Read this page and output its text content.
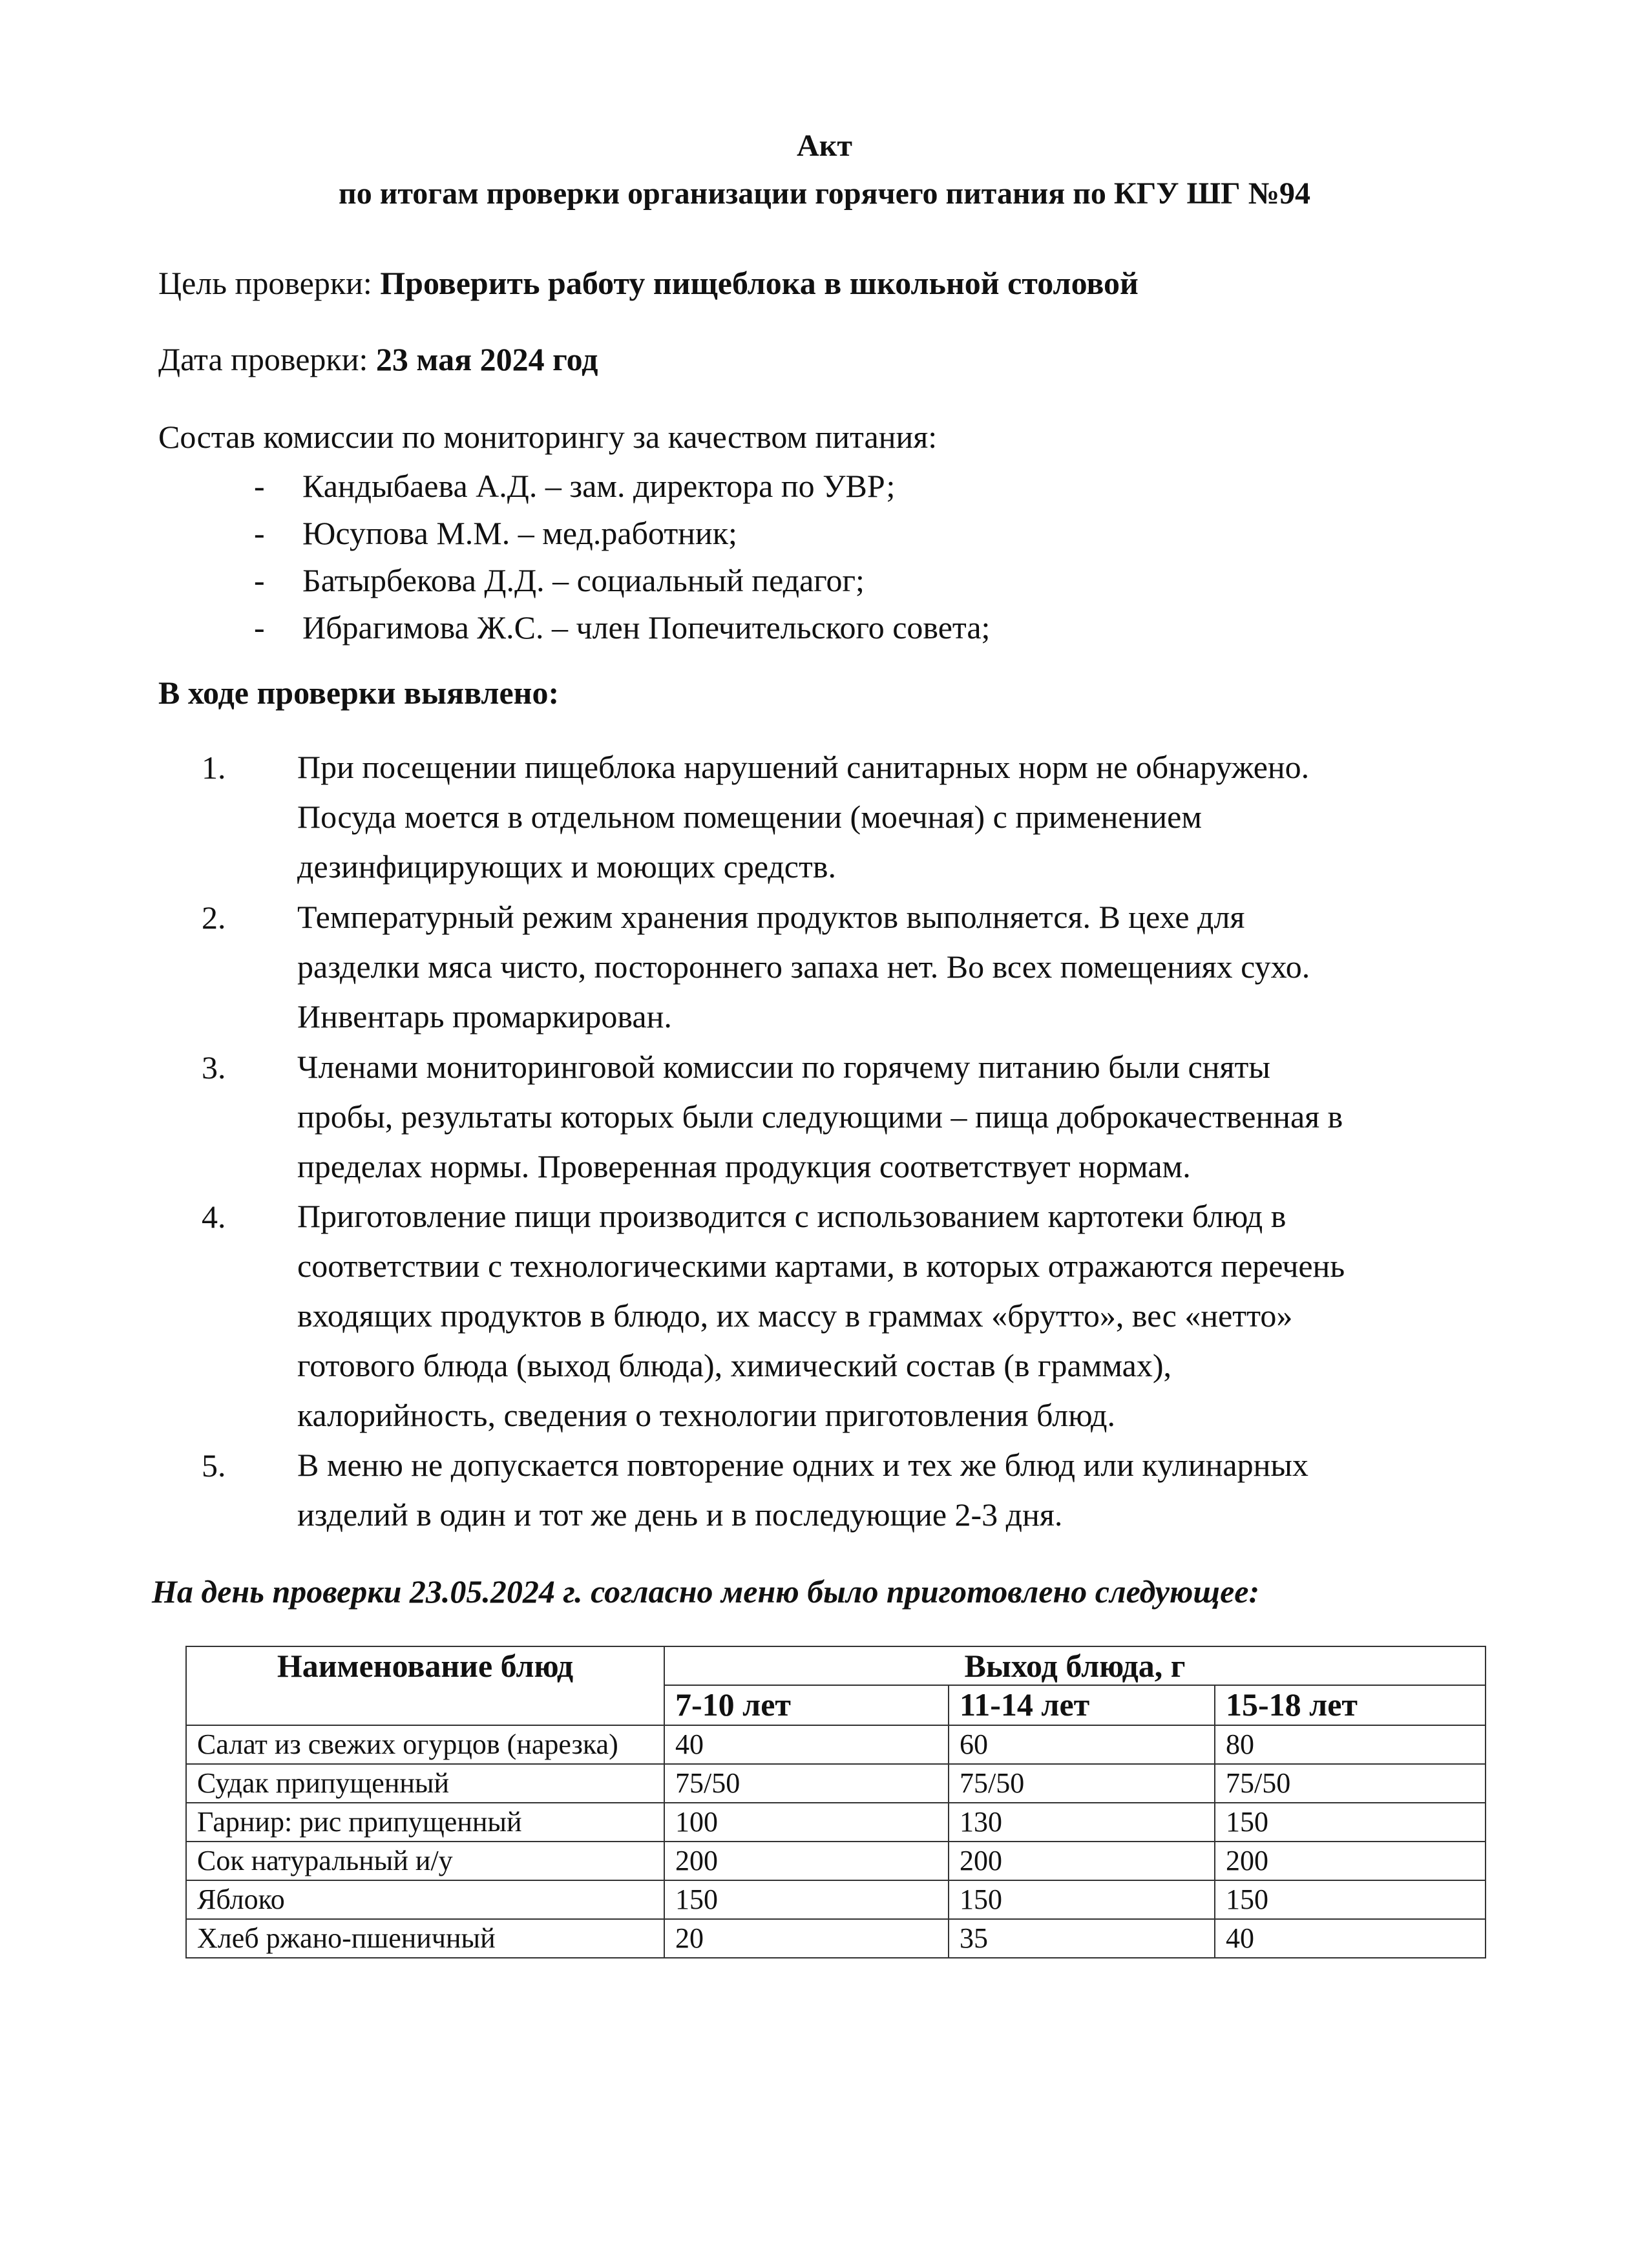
Акт
по итогам проверки организации горячего питания по КГУ ШГ №94
Цель проверки: Проверить работу пищеблока в школьной столовой
Дата проверки: 23 мая 2024 год
Состав комиссии по мониторингу за качеством питания:
- Кандыбаева А.Д. – зам. директора по УВР;
- Юсупова М.М. – мед.работник;
- Батырбекова Д.Д. – социальный педагог;
- Ибрагимова Ж.С. – член Попечительского совета;
В ходе проверки выявлено:
1. При посещении пищеблока нарушений санитарных норм не обнаружено.
Посуда моется в отдельном помещении (моечная) с применением
дезинфицирующих и моющих средств.
2. Температурный режим хранения продуктов выполняется. В цехе для
разделки мяса чисто, постороннего запаха нет. Во всех помещениях сухо.
Инвентарь промаркирован.
3. Членами мониторинговой комиссии по горячему питанию были сняты
пробы, результаты которых были следующими – пища доброкачественная в
пределах нормы. Проверенная продукция соответствует нормам.
4. Приготовление пищи производится с использованием картотеки блюд в
соответствии с технологическими картами, в которых отражаются перечень
входящих продуктов в блюдо, их массу в граммах «брутто», вес «нетто»
готового блюда (выход блюда), химический состав (в граммах),
калорийность, сведения о технологии приготовления блюд.
5. В меню не допускается повторение одних и тех же блюд или кулинарных
изделий в один и тот же день и в последующие 2-3 дня.
На день проверки 23.05.2024 г. согласно меню было приготовлено следующее:
Наименование блюд	Выход блюда, г		
	7-10 лет	11-14 лет	15-18 лет
Салат из свежих огурцов (нарезка)	40	60	80
Судак припущенный	75/50	75/50	75/50
Гарнир: рис припущенный	100	130	150
Сок натуральный и/у	200	200	200
Яблоко	150	150	150
Хлеб ржано-пшеничный	20	35	40
